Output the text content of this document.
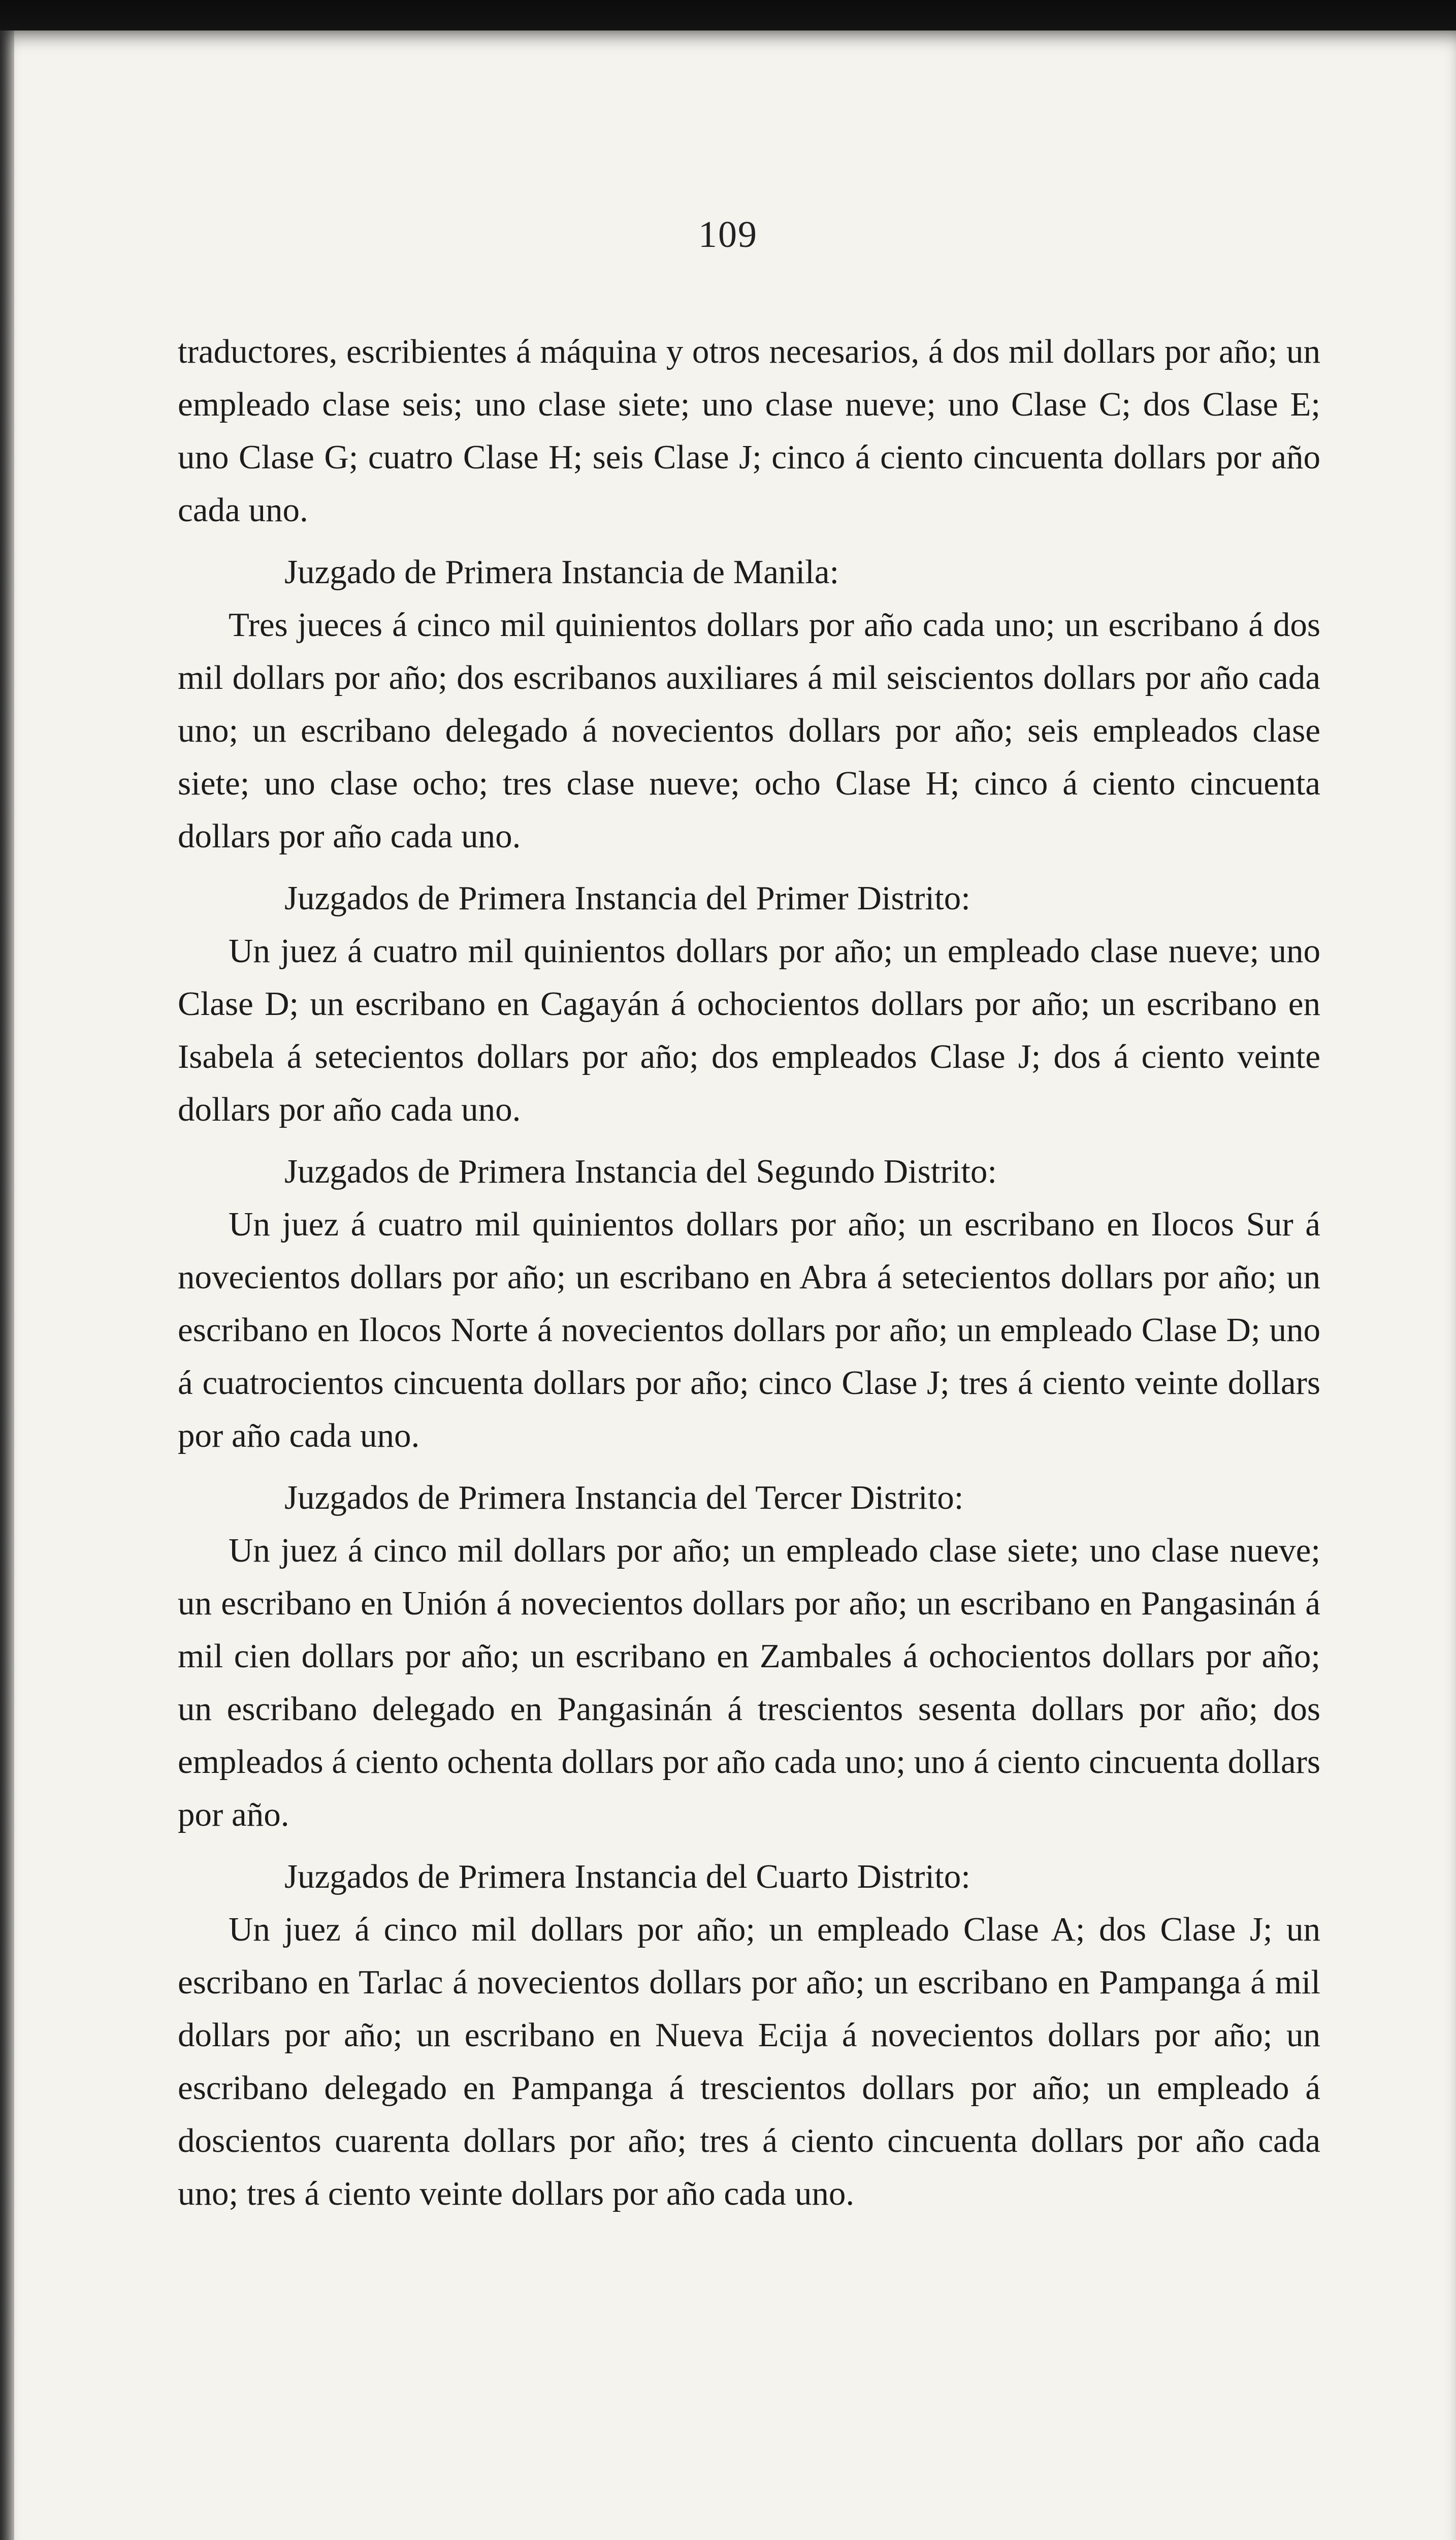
109

traductores, escribientes á máquina y otros necesarios, á dos mil dollars por año; un empleado clase seis; uno clase siete; uno clase nueve; uno Clase C; dos Clase E; uno Clase G; cuatro Clase H; seis Clase J; cinco á ciento cincuenta dollars por año cada uno.

Juzgado de Primera Instancia de Manila:

Tres jueces á cinco mil quinientos dollars por año cada uno; un escribano á dos mil dollars por año; dos escribanos auxiliares á mil seiscientos dollars por año cada uno; un escribano delegado á novecientos dollars por año; seis empleados clase siete; uno clase ocho; tres clase nueve; ocho Clase H; cinco á ciento cincuenta dollars por año cada uno.

Juzgados de Primera Instancia del Primer Distrito:

Un juez á cuatro mil quinientos dollars por año; un empleado clase nueve; uno Clase D; un escribano en Cagayán á ochocientos dollars por año; un escribano en Isabela á setecientos dollars por año; dos empleados Clase J; dos á ciento veinte dollars por año cada uno.

Juzgados de Primera Instancia del Segundo Distrito:

Un juez á cuatro mil quinientos dollars por año; un escribano en Ilocos Sur á novecientos dollars por año; un escribano en Abra á setecientos dollars por año; un escribano en Ilocos Norte á novecientos dollars por año; un empleado Clase D; uno á cuatrocientos cincuenta dollars por año; cinco Clase J; tres á ciento veinte dollars por año cada uno.

Juzgados de Primera Instancia del Tercer Distrito:

Un juez á cinco mil dollars por año; un empleado clase siete; uno clase nueve; un escribano en Unión á novecientos dollars por año; un escribano en Pangasinán á mil cien dollars por año; un escribano en Zambales á ochocientos dollars por año; un escribano delegado en Pangasinán á trescientos sesenta dollars por año; dos empleados á ciento ochenta dollars por año cada uno; uno á ciento cincuenta dollars por año.

Juzgados de Primera Instancia del Cuarto Distrito:

Un juez á cinco mil dollars por año; un empleado Clase A; dos Clase J; un escribano en Tarlac á novecientos dollars por año; un escribano en Pampanga á mil dollars por año; un escribano en Nueva Ecija á novecientos dollars por año; un escribano delegado en Pampanga á trescientos dollars por año; un empleado á doscientos cuarenta dollars por año; tres á ciento cincuenta dollars por año cada uno; tres á ciento veinte dollars por año cada uno.
